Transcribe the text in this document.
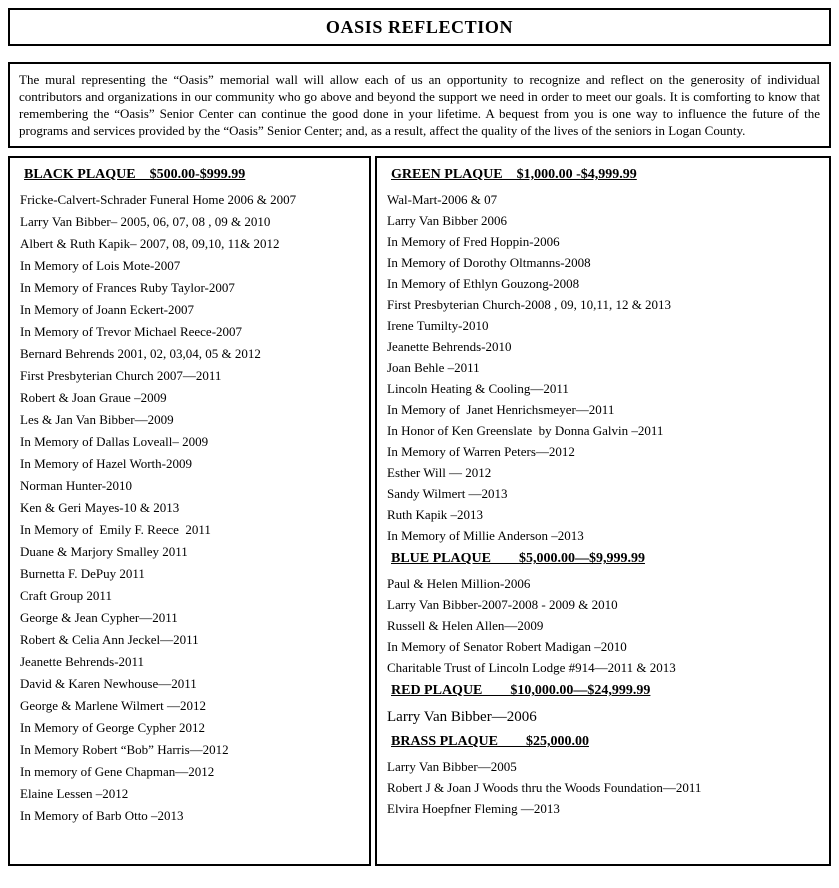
OASIS REFLECTION
The mural representing the “Oasis” memorial wall will allow each of us an opportunity to recognize and reflect on the generosity of individual contributors and organizations in our community who go above and beyond the support we need in order to meet our goals. It is comforting to know that remembering the “Oasis” Senior Center can continue the good done in your lifetime. A bequest from you is one way to influence the future of the programs and services provided by the “Oasis” Senior Center; and, as a result, affect the quality of the lives of the seniors in Logan County.
BLACK PLAQUE    $500.00-$999.99
Fricke-Calvert-Schrader Funeral Home 2006 & 2007
Larry Van Bibber– 2005, 06, 07, 08 , 09 & 2010
Albert & Ruth Kapik– 2007, 08, 09,10, 11& 2012
In Memory of Lois Mote-2007
In Memory of Frances Ruby Taylor-2007
In Memory of Joann Eckert-2007
In Memory of Trevor Michael Reece-2007
Bernard Behrends 2001, 02, 03,04, 05 & 2012
First Presbyterian Church 2007—2011
Robert & Joan Graue –2009
Les & Jan Van Bibber—2009
In Memory of Dallas Loveall– 2009
In Memory of Hazel Worth-2009
Norman Hunter-2010
Ken & Geri Mayes-10 & 2013
In Memory of  Emily F. Reece  2011
Duane & Marjory Smalley 2011
Burnetta F. DePuy 2011
Craft Group 2011
George & Jean Cypher—2011
Robert & Celia Ann Jeckel—2011
Jeanette Behrends-2011
David & Karen Newhouse—2011
George & Marlene Wilmert —2012
In Memory of George Cypher 2012
In Memory Robert “Bob” Harris—2012
In memory of Gene Chapman—2012
Elaine Lessen –2012
In Memory of Barb Otto –2013
GREEN PLAQUE    $1,000.00 -$4,999.99
Wal-Mart-2006 & 07
Larry Van Bibber 2006
In Memory of Fred Hoppin-2006
In Memory of Dorothy Oltmanns-2008
In Memory of Ethlyn Gouzong-2008
First Presbyterian Church-2008 , 09, 10,11, 12 & 2013
Irene Tumilty-2010
Jeanette Behrends-2010
Joan Behle –2011
Lincoln Heating & Cooling—2011
In Memory of  Janet Henrichsmeyer—2011
In Honor of Ken Greenslate  by Donna Galvin –2011
In Memory of Warren Peters—2012
Esther Will — 2012
Sandy Wilmert —2013
Ruth Kapik –2013
In Memory of Millie Anderson –2013
BLUE PLAQUE        $5,000.00—$9,999.99
Paul & Helen Million-2006
Larry Van Bibber-2007-2008 - 2009 & 2010
Russell & Helen Allen—2009
In Memory of Senator Robert Madigan –2010
Charitable Trust of Lincoln Lodge #914—2011 & 2013
RED PLAQUE        $10,000.00—$24,999.99
Larry Van Bibber—2006
BRASS PLAQUE        $25,000.00
Larry Van Bibber—2005
Robert J & Joan J Woods thru the Woods Foundation—2011
Elvira Hoepfner Fleming —2013
